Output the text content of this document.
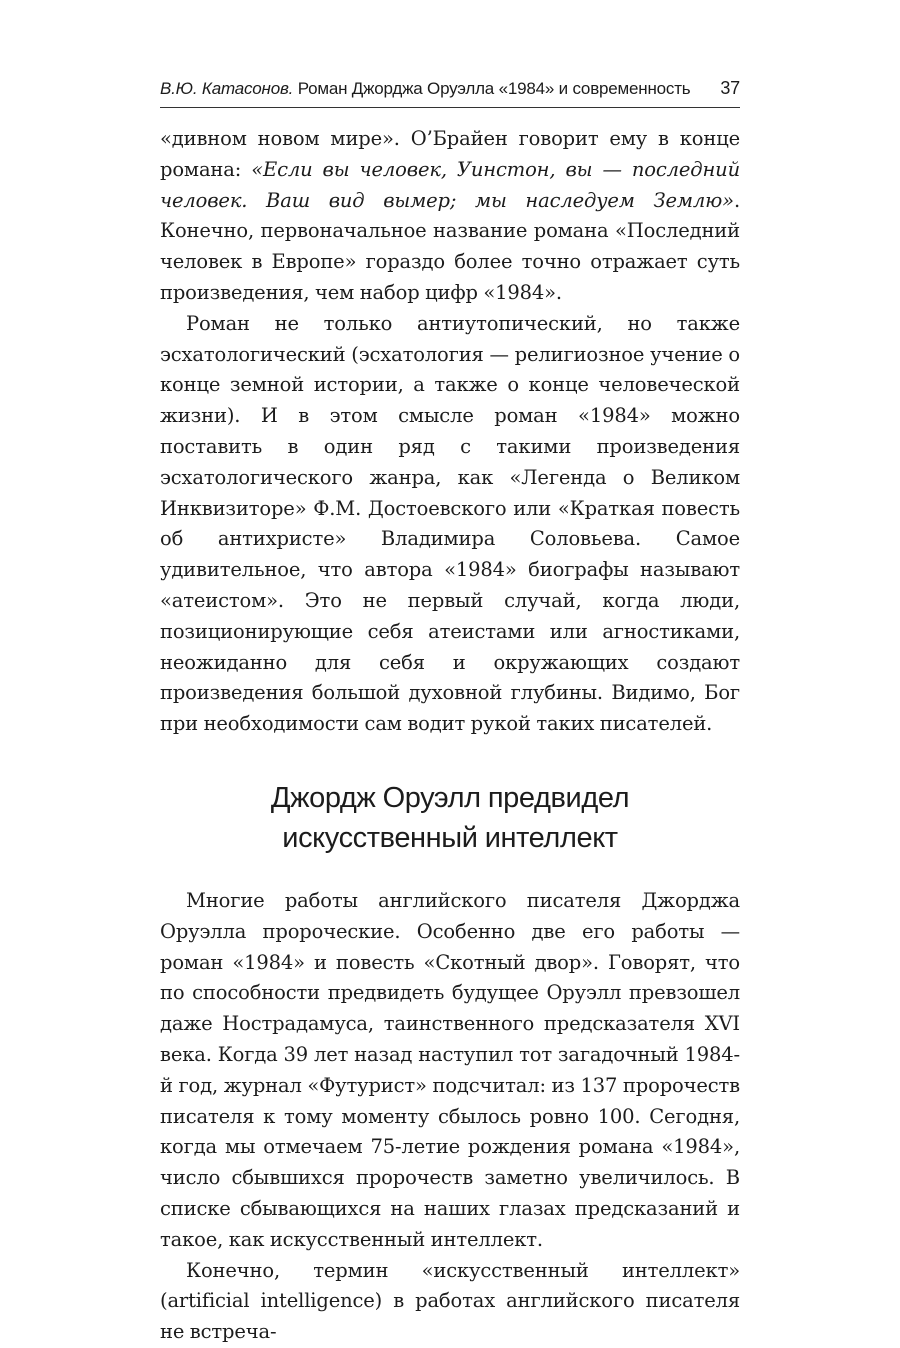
В.Ю. Катасонов. Роман Джорджа Оруэлла «1984» и современность 37

«дивном новом мире». О’Брайен говорит ему в конце романа: «Если вы человек, Уинстон, вы — последний человек. Ваш вид вымер; мы наследуем Землю». Конечно, первоначальное название романа «Последний человек в Европе» гораздо более точно отражает суть произведения, чем набор цифр «1984».

Роман не только антиутопический, но также эсхатологический (эсхатология — религиозное учение о конце земной истории, а также о конце человеческой жизни). И в этом смысле роман «1984» можно поставить в один ряд с такими произведения эсхатологического жанра, как «Легенда о Великом Инквизиторе» Ф.М. Достоевского или «Краткая повесть об антихристе» Владимира Соловьева. Самое удивительное, что автора «1984» биографы называют «атеистом». Это не первый случай, когда люди, позиционирующие себя атеистами или агностиками, неожиданно для себя и окружающих создают произведения большой духовной глубины. Видимо, Бог при необходимости сам водит рукой таких писателей.

Джордж Оруэлл предвидел
искусственный интеллект

Многие работы английского писателя Джорджа Оруэлла пророческие. Особенно две его работы — роман «1984» и повесть «Скотный двор». Говорят, что по способности предвидеть будущее Оруэлл превзошел даже Нострадамуса, таинственного предсказателя XVI века. Когда 39 лет назад наступил тот загадочный 1984-й год, журнал «Футурист» подсчитал: из 137 пророчеств писателя к тому моменту сбылось ровно 100. Сегодня, когда мы отмечаем 75-летие рождения романа «1984», число сбывшихся пророчеств заметно увеличилось. В списке сбывающихся на наших глазах предсказаний и такое, как искусственный интеллект.

Конечно, термин «искусственный интеллект» (artificial intelligence) в работах английского писателя не встреча-
